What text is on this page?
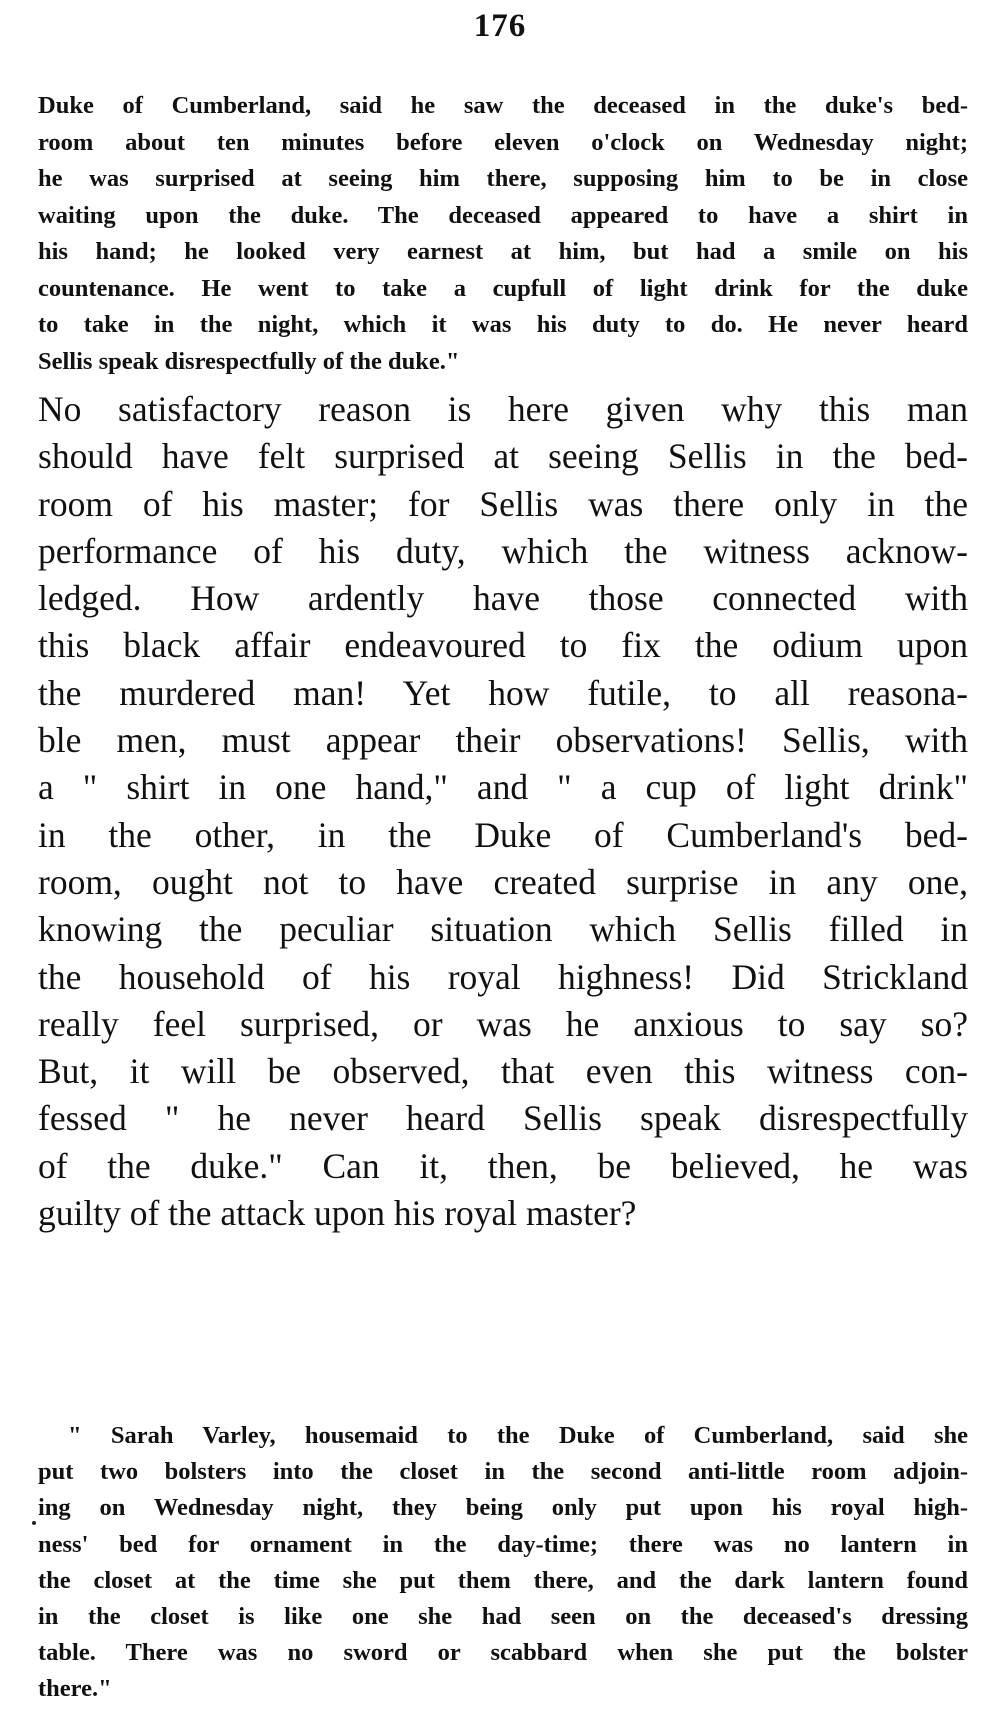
176
Duke of Cumberland, said he saw the deceased in the duke's bed-
room about ten minutes before eleven o'clock on Wednesday night;
he was surprised at seeing him there, supposing him to be in close
waiting upon the duke. The deceased appeared to have a shirt in
his hand; he looked very earnest at him, but had a smile on his
countenance. He went to take a cupfull of light drink for the duke
to take in the night, which it was his duty to do. He never heard
Sellis speak disrespectfully of the duke."
No satisfactory reason is here given why this man
should have felt surprised at seeing Sellis in the bed-
room of his master; for Sellis was there only in the
performance of his duty, which the witness acknow-
ledged. How ardently have those connected with
this black affair endeavoured to fix the odium upon
the murdered man! Yet how futile, to all reasona-
ble men, must appear their observations! Sellis, with
a " shirt in one hand," and " a cup of light drink"
in the other, in the Duke of Cumberland's bed-
room, ought not to have created surprise in any one,
knowing the peculiar situation which Sellis filled in
the household of his royal highness! Did Strickland
really feel surprised, or was he anxious to say so?
But, it will be observed, that even this witness con-
fessed " he never heard Sellis speak disrespectfully
of the duke." Can it, then, be believed, he was
guilty of the attack upon his royal master?
" Sarah Varley, housemaid to the Duke of Cumberland, said she
put two bolsters into the closet in the second anti-little room adjoin-
ing on Wednesday night, they being only put upon his royal high-
ness' bed for ornament in the day-time; there was no lantern in
the closet at the time she put them there, and the dark lantern found
in the closet is like one she had seen on the deceased's dressing
table. There was no sword or scabbard when she put the bolster
there."
